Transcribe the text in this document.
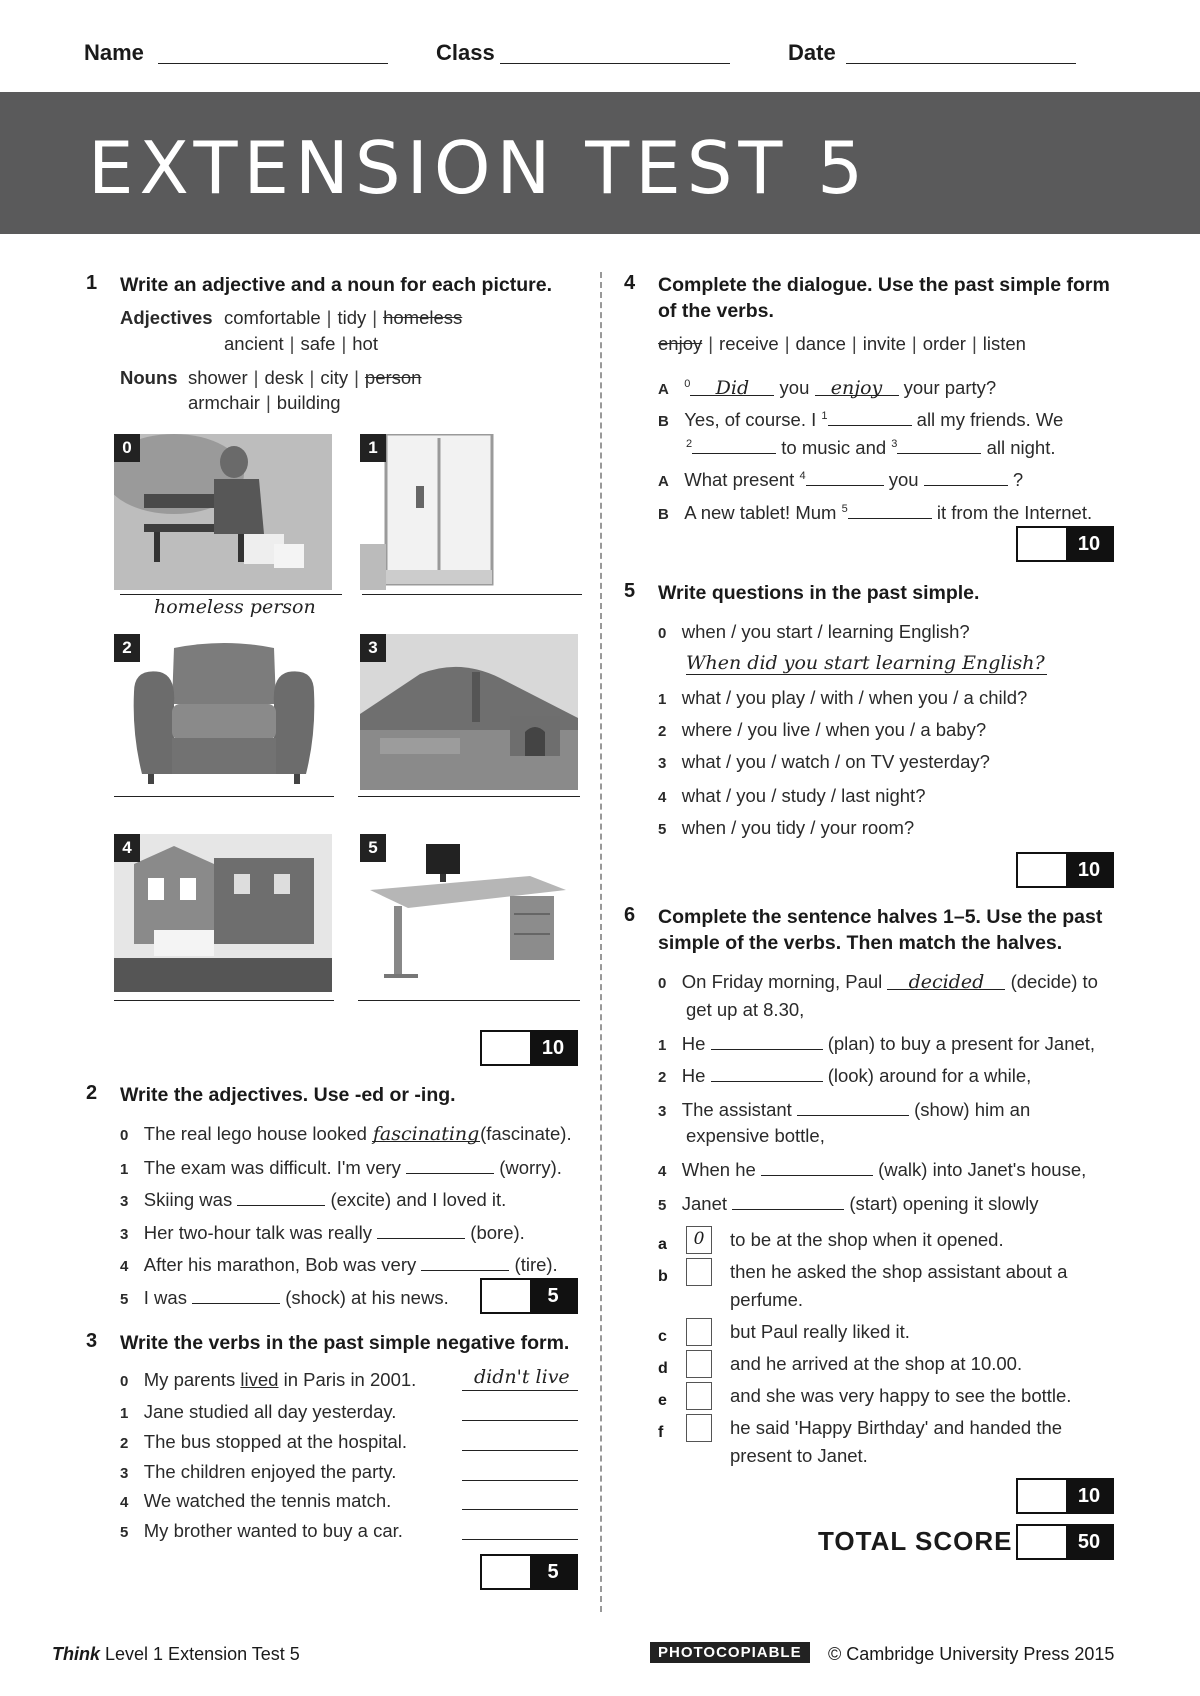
Name	Class	Date
EXTENSION TEST 5
1 Write an adjective and a noun for each picture.
Adjectives comfortable | tidy | homeless
ancient | safe | hot
Nouns shower | desk | city | person
armchair | building
0	1
homeless person
2	3
4	5
10
2 Write the adjectives. Use -ed or -ing.
0 The real lego house looked fascinating(fascinate).
1 The exam was difficult. I'm very	(worry).
3 Skiing was	(excite) and I loved it.
3 Her two-hour talk was really	(bore).
4 After his marathon, Bob was very	(tire).
5 I was	(shock) at his news.	5
3 Write the verbs in the past simple negative form.
0 My parents lived in Paris in 2001.	didn't live
1 Jane studied all day yesterday.
2 The bus stopped at the hospital.
3 The children enjoyed the party.
4 We watched the tennis match.
5 My brother wanted to buy a car.
5
4 Complete the dialogue. Use the past simple form
of the verbs.
enjoy | receive | dance | invite | order | listen
A $^0$ Did you enjoy your party?
B Yes, of course. I $^1$	all my friends. We
$^2$	to music and $^3$	all night.
A What present $^4$	you	?
B A new tablet! Mum $^5$	it from the Internet.
10
5 Write questions in the past simple.
0 when / you start / learning English?
When did you start learning English?
1 what / you play / with / when you / a child?
2 where / you live / when you / a baby?
3 what / you / watch / on TV yesterday?
4 what / you / study / last night?
5 when / you tidy / your room?
10
6 Complete the sentence halves 1–5. Use the past
simple of the verbs. Then match the halves.
0 On Friday morning, Paul decided (decide) to
get up at 8.30,
1 He	(plan) to buy a present for Janet,
2 He	(look) around for a while,
3 The assistant	(show) him an
expensive bottle,
4 When he	(walk) into Janet's house,
5 Janet	(start) opening it slowly
a	0	to be at the shop when it opened.
b	then he asked the shop assistant about a
perfume.
c	but Paul really liked it.
d	and he arrived at the shop at 10.00.
e	and she was very happy to see the bottle.
f	he said 'Happy Birthday' and handed the
present to Janet.
10
TOTAL SCORE	50
Think Level 1 Extension Test 5	PHOTOCOPIABLE	© Cambridge University Press 2015
